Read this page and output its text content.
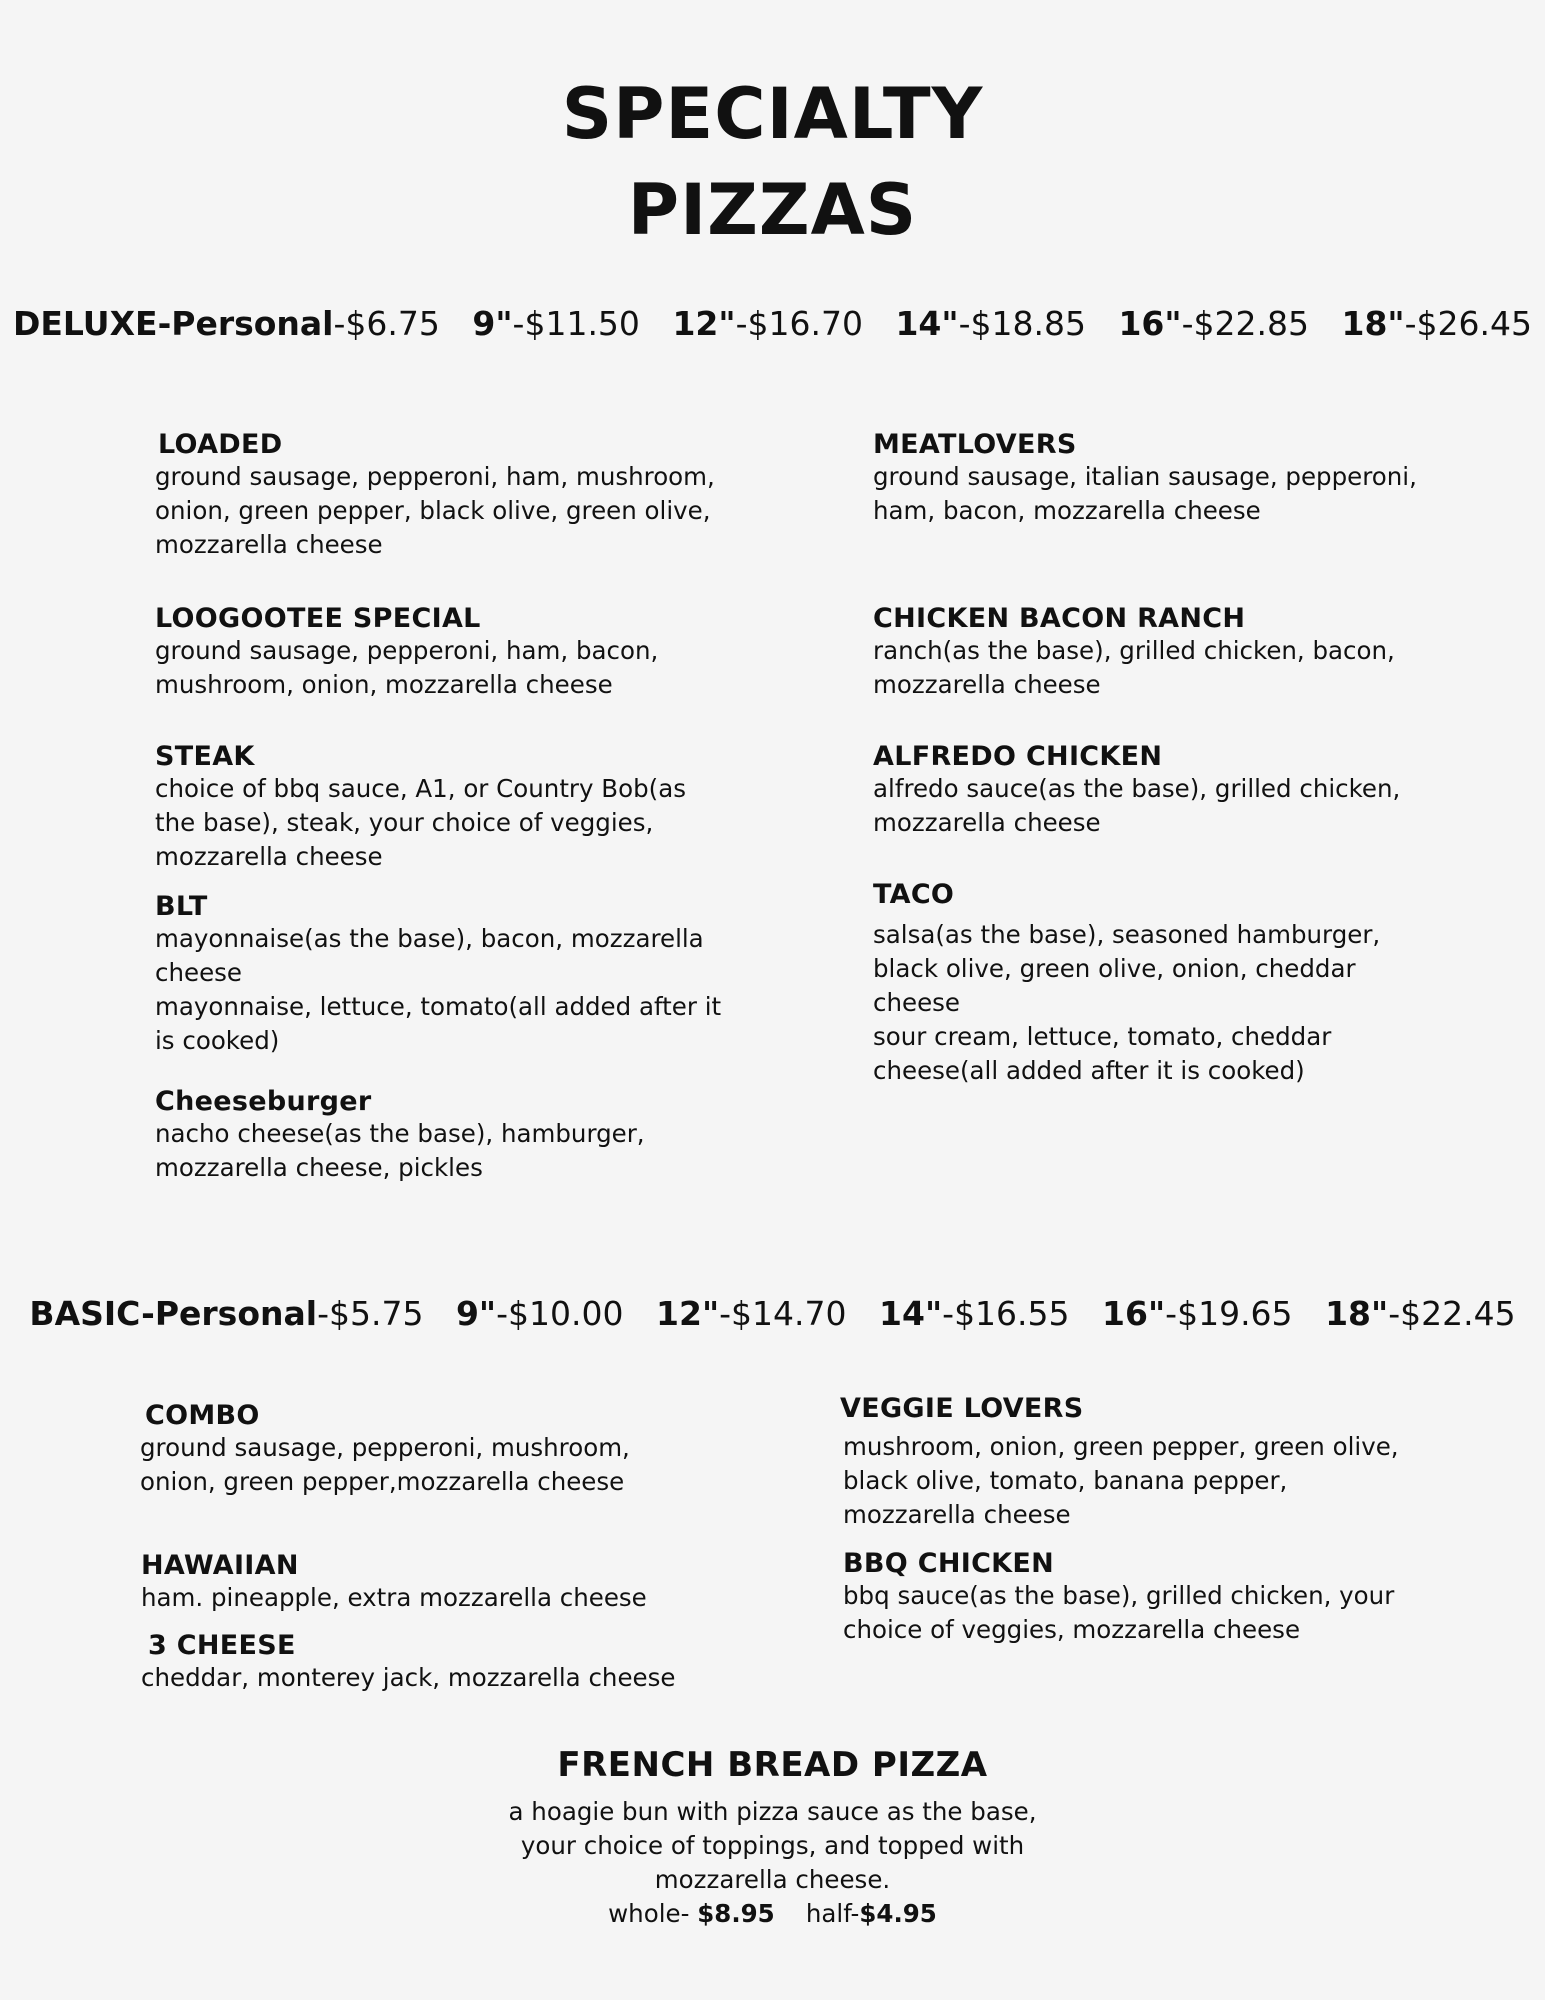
SPECIALTY
PIZZAS
DELUXE-Personal-$6.75 9"-$11.50 12"-$16.70 14"-$18.85 16"-$22.85 18"-$26.45
LOADED
ground sausage, pepperoni, ham, mushroom,
onion, green pepper, black olive, green olive,
mozzarella cheese
MEATLOVERS
ground sausage, italian sausage, pepperoni,
ham, bacon, mozzarella cheese
LOOGOOTEE SPECIAL
ground sausage, pepperoni, ham, bacon,
mushroom, onion, mozzarella cheese
CHICKEN BACON RANCH
ranch(as the base), grilled chicken, bacon,
mozzarella cheese
STEAK
choice of bbq sauce, A1, or Country Bob(as
the base), steak, your choice of veggies,
mozzarella cheese
ALFREDO CHICKEN
alfredo sauce(as the base), grilled chicken,
mozzarella cheese
BLT
mayonnaise(as the base), bacon, mozzarella
cheese
mayonnaise, lettuce, tomato(all added after it
is cooked)
TACO
salsa(as the base), seasoned hamburger,
black olive, green olive, onion, cheddar
cheese
sour cream, lettuce, tomato, cheddar
cheese(all added after it is cooked)
Cheeseburger
nacho cheese(as the base), hamburger,
mozzarella cheese, pickles
BASIC-Personal-$5.75 9"-$10.00 12"-$14.70 14"-$16.55 16"-$19.65 18"-$22.45
COMBO
ground sausage, pepperoni, mushroom,
onion, green pepper,mozzarella cheese
VEGGIE LOVERS
mushroom, onion, green pepper, green olive,
black olive, tomato, banana pepper,
mozzarella cheese
HAWAIIAN
ham. pineapple, extra mozzarella cheese
BBQ CHICKEN
bbq sauce(as the base), grilled chicken, your
choice of veggies, mozzarella cheese
3 CHEESE
cheddar, monterey jack, mozzarella cheese
FRENCH BREAD PIZZA
a hoagie bun with pizza sauce as the base,
your choice of toppings, and topped with
mozzarella cheese.
whole- $8.95 half-$4.95
